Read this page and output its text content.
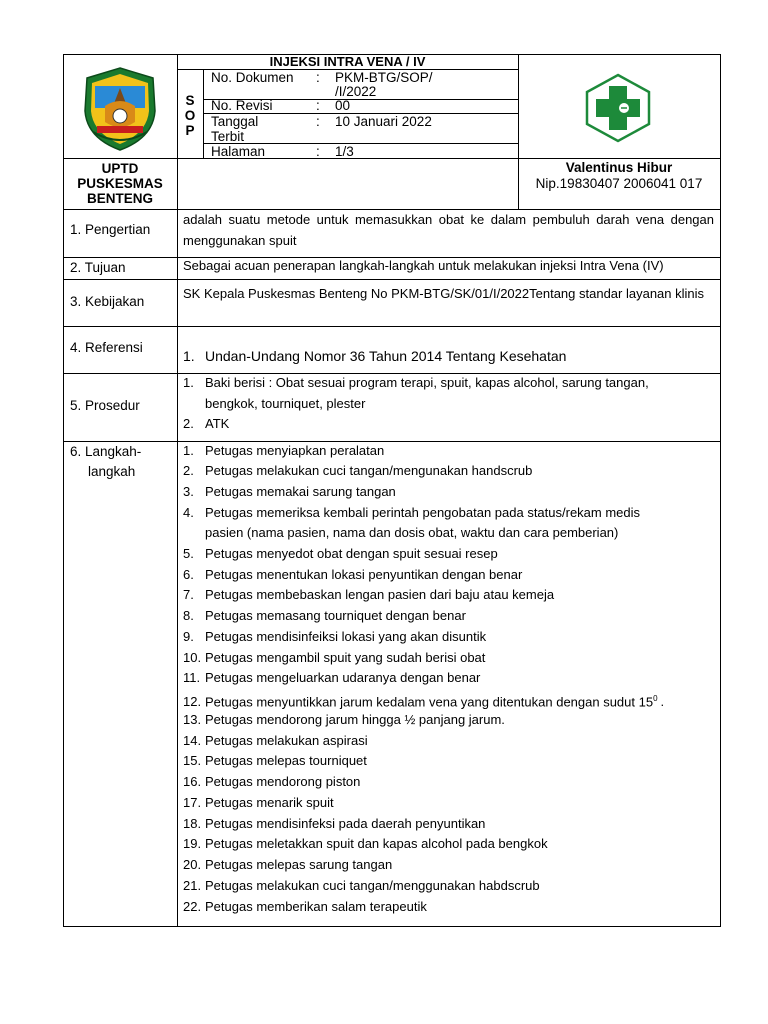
INJEKSI INTRA VENA / IV
S
O
P
No. Dokumen
No. Revisi
Tanggal
Terbit
Halaman
:
:
:
:
PKM-BTG/SOP/
/I/2022
00
10 Januari 2022
1/3
UPTD
PUSKESMAS
BENTENG
Valentinus Hibur
Nip.19830407 2006041 017
1. Pengertian
2. Tujuan
3. Kebijakan
4. Referensi
5. Prosedur
6. Langkah-
langkah
adalah suatu metode untuk memasukkan obat ke dalam pembuluh darah vena dengan menggunakan spuit
Sebagai acuan penerapan langkah-langkah untuk melakukan injeksi Intra Vena (IV)
SK Kepala Puskesmas Benteng No PKM-BTG/SK/01/I/2022Tentang standar layanan klinis
1. Undan-Undang Nomor 36 Tahun 2014 Tentang Kesehatan
1. Baki berisi : Obat sesuai program terapi, spuit, kapas alcohol, sarung tangan,
bengkok, tourniquet, plester
2. ATK
1. Petugas menyiapkan peralatan
2. Petugas melakukan cuci tangan/mengunakan handscrub
3. Petugas memakai sarung tangan
4. Petugas memeriksa kembali perintah pengobatan pada status/rekam medis
pasien (nama pasien, nama dan dosis obat, waktu dan cara pemberian)
5. Petugas menyedot obat dengan spuit sesuai resep
6. Petugas menentukan lokasi penyuntikan dengan benar
7. Petugas membebaskan lengan pasien dari baju atau kemeja
8. Petugas memasang tourniquet dengan benar
9. Petugas mendisinfeiksi lokasi yang akan disuntik
10. Petugas mengambil spuit yang sudah berisi obat
11. Petugas mengeluarkan udaranya dengan benar
12. Petugas menyuntikkan jarum kedalam vena yang ditentukan dengan sudut $15^0$ .
13. Petugas mendorong jarum hingga ½ panjang jarum.
14. Petugas melakukan aspirasi
15. Petugas melepas tourniquet
16. Petugas mendorong piston
17. Petugas menarik spuit
18. Petugas mendisinfeksi pada daerah penyuntikan
19. Petugas meletakkan spuit dan kapas alcohol pada bengkok
20. Petugas melepas sarung tangan
21. Petugas melakukan cuci tangan/menggunakan habdscrub
22. Petugas memberikan salam terapeutik
